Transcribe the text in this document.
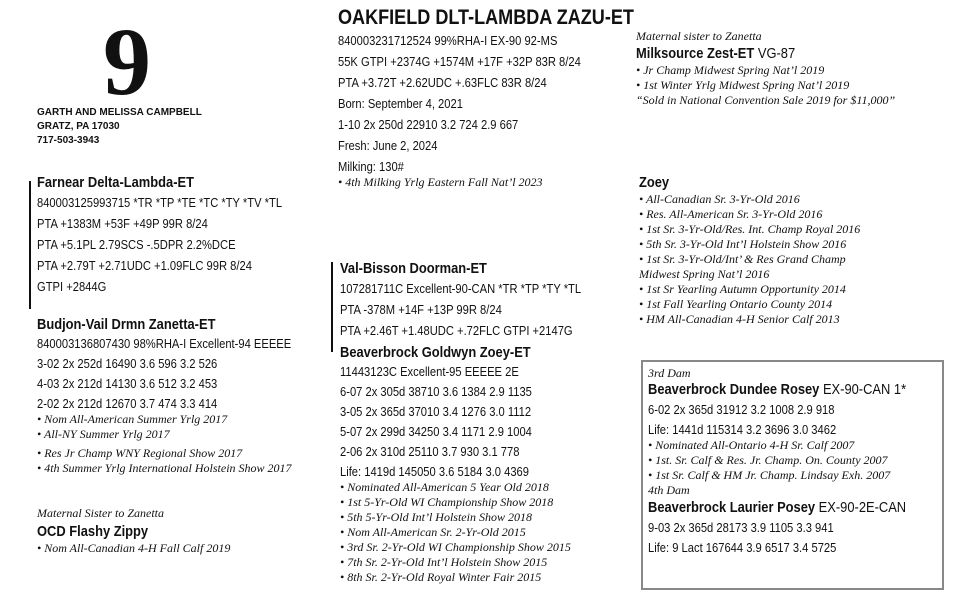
9
GARTH AND MELISSA CAMPBELL
GRATZ, PA 17030
717-503-3943
OAKFIELD DLT-LAMBDA ZAZU-ET
840003231712524 99%RHA-I EX-90 92-MS
55K GTPI +2374G +1574M +17F +32P 83R 8/24
PTA +3.72T +2.62UDC +.63FLC 83R 8/24
Born: September 4, 2021
1-10 2x 250d 22910 3.2 724 2.9 667
Fresh: June 2, 2024
Milking: 130#
• 4th Milking Yrlg Eastern Fall Nat’l 2023
Farnear Delta-Lambda-ET
840003125993715 *TR *TP *TE *TC *TY *TV *TL
PTA +1383M +53F +49P 99R 8/24
PTA +5.1PL 2.79SCS -.5DPR 2.2%DCE
PTA +2.79T +2.71UDC +1.09FLC 99R 8/24
GTPI +2844G
Budjon-Vail Drmn Zanetta-ET
840003136807430 98%RHA-I Excellent-94 EEEEE
3-02 2x 252d 16490 3.6 596 3.2 526
4-03 2x 212d 14130 3.6 512 3.2 453
2-02 2x 212d 12670 3.7 474 3.3 414
• Nom All-American Summer Yrlg 2017
• All-NY Summer Yrlg 2017
• Res Jr Champ WNY Regional Show 2017
• 4th Summer Yrlg International Holstein Show 2017
Maternal Sister to Zanetta
OCD Flashy Zippy
• Nom All-Canadian 4-H Fall Calf 2019
Val-Bisson Doorman-ET
107281711C Excellent-90-CAN *TR *TP *TY *TL
PTA -378M +14F +13P 99R 8/24
PTA +2.46T +1.48UDC +.72FLC GTPI +2147G
Beaverbrock Goldwyn Zoey-ET
11443123C Excellent-95 EEEEE 2E
6-07 2x 305d 38710 3.6 1384 2.9 1135
3-05 2x 365d 37010 3.4 1276 3.0 1112
5-07 2x 299d 34250 3.4 1171 2.9 1004
2-06 2x 310d 25110 3.7 930 3.1 778
Life: 1419d 145050 3.6 5184 3.0 4369
• Nominated All-American 5 Year Old 2018
• 1st 5-Yr-Old WI Championship Show 2018
• 5th 5-Yr-Old Int’l Holstein Show 2018
• Nom All-American Sr. 2-Yr-Old 2015
• 3rd Sr. 2-Yr-Old WI Championship Show 2015
• 7th Sr. 2-Yr-Old Int’l Holstein Show 2015
• 8th Sr. 2-Yr-Old Royal Winter Fair 2015
Maternal sister to Zanetta
Milksource Zest-ET VG-87
• Jr Champ Midwest Spring Nat’l 2019
• 1st Winter Yrlg Midwest Spring Nat’l 2019
“Sold in National Convention Sale 2019 for $11,000”
Zoey
• All-Canadian Sr. 3-Yr-Old 2016
• Res. All-American Sr. 3-Yr-Old 2016
• 1st Sr. 3-Yr-Old/Res. Int. Champ Royal 2016
• 5th Sr. 3-Yr-Old Int’l Holstein Show 2016
• 1st Sr. 3-Yr-Old/Int’ & Res Grand Champ
Midwest Spring Nat’l 2016
• 1st Sr Yearling Autumn Opportunity 2014
• 1st Fall Yearling Ontario County 2014
• HM All-Canadian 4-H Senior Calf 2013
3rd Dam
Beaverbrock Dundee Rosey EX-90-CAN 1*
6-02 2x 365d 31912 3.2 1008 2.9 918
Life: 1441d 115314 3.2 3696 3.0 3462
• Nominated All-Ontario 4-H Sr. Calf 2007
• 1st. Sr. Calf & Res. Jr. Champ. On. County 2007
• 1st Sr. Calf & HM Jr. Champ. Lindsay Exh. 2007
4th Dam
Beaverbrock Laurier Posey EX-90-2E-CAN
9-03 2x 365d 28173 3.9 1105 3.3 941
Life: 9 Lact 167644 3.9 6517 3.4 5725
